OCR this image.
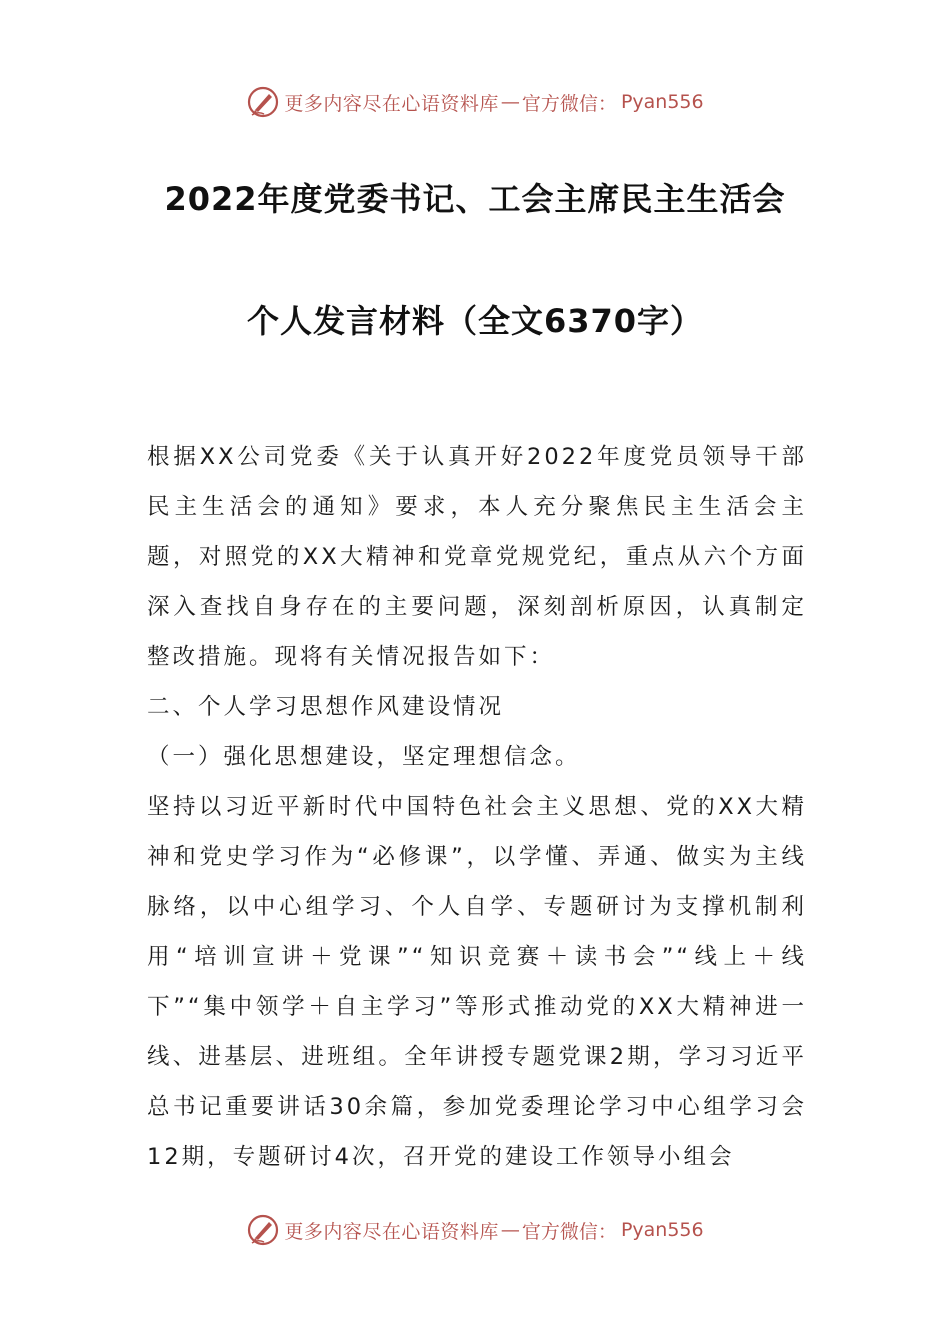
更多内容尽在心语资料库 — 官方微信： Pyan556
2022年度党委书记、工会主席民主生活会
个人发言材料（全文6370字）

根据XX公司党委《关于认真开好2022年度党员领导干部民主生活会的通知》要求，本人充分聚焦民主生活会主题，对照党的XX大精神和党章党规党纪，重点从六个方面深入查找自身存在的主要问题，深刻剖析原因，认真制定整改措施。现将有关情况报告如下：

二、个人学习思想作风建设情况

（一）强化思想建设，坚定理想信念。

坚持以习近平新时代中国特色社会主义思想、党的XX大精神和党史学习作为“必修课”，以学懂、弄通、做实为主线脉络，以中心组学习、个人自学、专题研讨为支撑机制利用“培训宣讲＋党课”“知识竞赛＋读书会”“线上＋线下”“集中领学＋自主学习”等形式推动党的XX大精神进一线、进基层、进班组。全年讲授专题党课2期，学习习近平总书记重要讲话30余篇，参加党委理论学习中心组学习会12期，专题研讨4次，召开党的建设工作领导小组会

更多内容尽在心语资料库 — 官方微信： Pyan556
